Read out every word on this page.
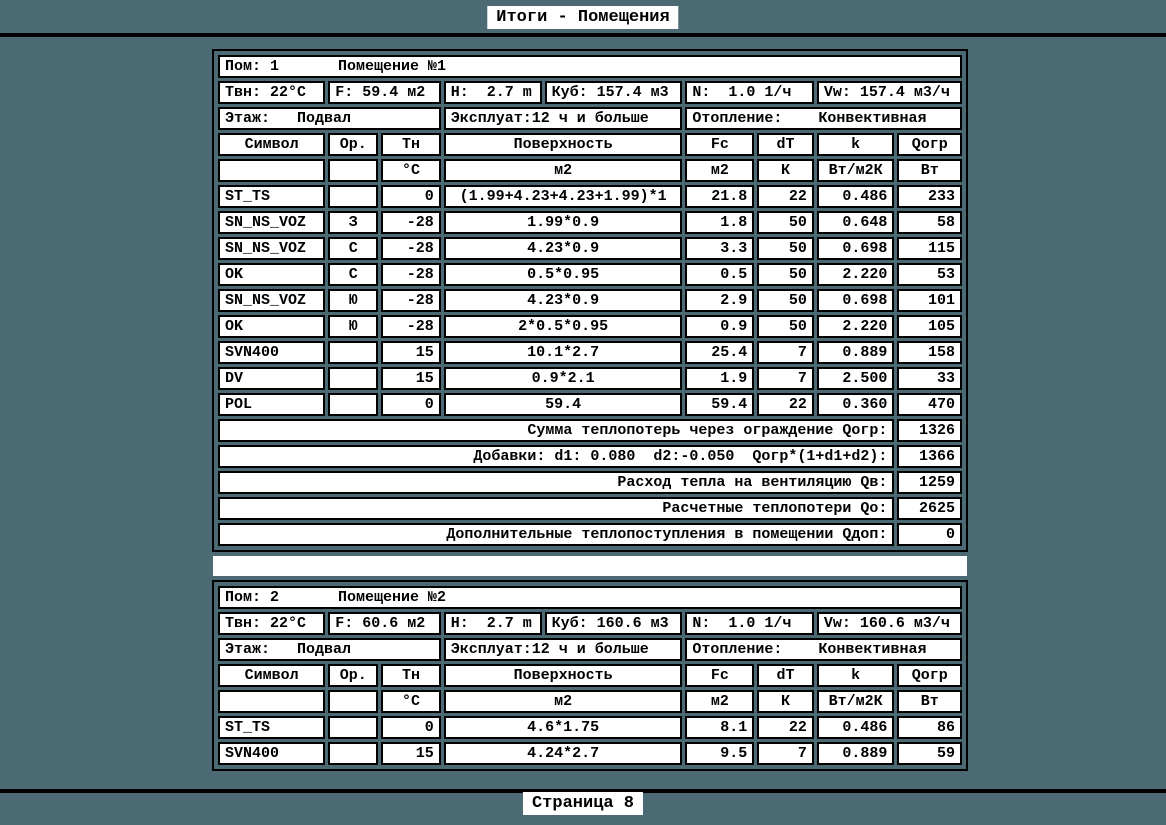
Итоги - Помещения
Пом: 1 Помещение №1								
Твн: 22°C	F: 59.4 м2		H:  2.7 m	Куб: 157.4 м3	N:  1.0 1/ч		Vw: 157.4 м3/ч	
Этаж:   Подвал			Эксплуат:12 ч и больше		Отопление:    Конвективная			
Символ	Ор.	Тн	Поверхность		Fc	dT	k	Qогр
		°C	м2		м2	К	Вт/м2К	Вт
ST_TS		0	(1.99+4.23+4.23+1.99)*1		21.8	22	0.486	233
SN_NS_VOZ	З	-28	1.99*0.9		1.8	50	0.648	58
SN_NS_VOZ	С	-28	4.23*0.9		3.3	50	0.698	115
OK	С	-28	0.5*0.95		0.5	50	2.220	53
SN_NS_VOZ	Ю	-28	4.23*0.9		2.9	50	0.698	101
OK	Ю	-28	2*0.5*0.95		0.9	50	2.220	105
SVN400		15	10.1*2.7		25.4	7	0.889	158
DV		15	0.9*2.1		1.9	7	2.500	33
POL		0	59.4		59.4	22	0.360	470
Сумма теплопотерь через ограждение Qогр:								1326
Добавки: d1: 0.080  d2:-0.050  Qогр*(1+d1+d2):								1366
Расход тепла на вентиляцию Qв:								1259
Расчетные теплопотери Qо:								2625
Дополнительные теплопоступления в помещении Qдоп:								0
Пом: 2 Помещение №2								
Твн: 22°C	F: 60.6 м2		H:  2.7 m	Куб: 160.6 м3	N:  1.0 1/ч		Vw: 160.6 м3/ч	
Этаж:   Подвал			Эксплуат:12 ч и больше		Отопление:    Конвективная			
Символ	Ор.	Тн	Поверхность		Fc	dT	k	Qогр
		°C	м2		м2	К	Вт/м2К	Вт
ST_TS		0	4.6*1.75		8.1	22	0.486	86
SVN400		15	4.24*2.7		9.5	7	0.889	59
Страница 8
